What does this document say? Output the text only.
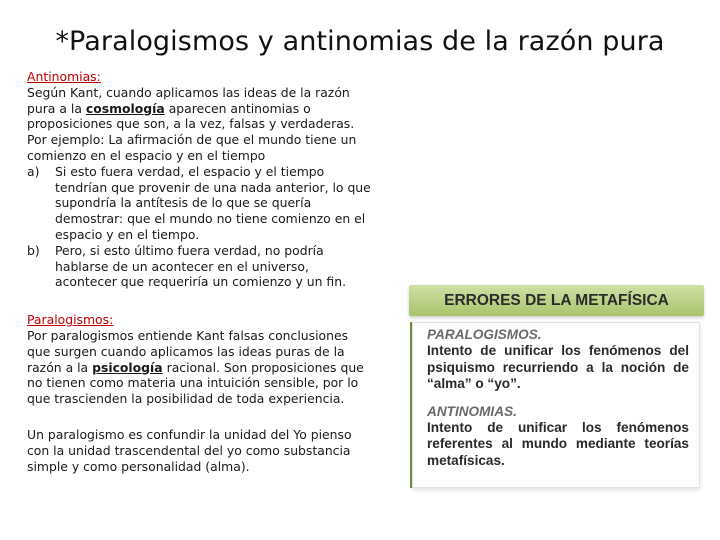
*Paralogismos y antinomias de la razón pura

Antinomias:

Según Kant, cuando aplicamos las ideas de la razón pura a la cosmología aparecen antinomias o proposiciones que son, a la vez, falsas y verdaderas.

Por ejemplo: La afirmación de que el mundo tiene un comienzo en el espacio y en el tiempo

a) Si esto fuera verdad, el espacio y el tiempo tendrían que provenir de una nada anterior, lo que supondría la antítesis de lo que se quería demostrar: que el mundo no tiene comienzo en el espacio y en el tiempo.

b) Pero, si esto último fuera verdad, no podría hablarse de un acontecer en el universo, acontecer que requeriría un comienzo y un fin.

Paralogismos:

Por paralogismos entiende Kant falsas conclusiones que surgen cuando aplicamos las ideas puras de la razón a la psicología racional. Son proposiciones que no tienen como materia una intuición sensible, por lo que trascienden la posibilidad de toda experiencia.

Un paralogismo es confundir la unidad del Yo pienso con la unidad trascendental del yo como substancia simple y como personalidad (alma).

ERRORES DE LA METAFÍSICA
PARALOGISMOS.
Intento de unificar los fenómenos del psiquismo recurriendo a la noción de “alma” o “yo”.
ANTINOMIAS.
Intento de unificar los fenómenos referentes al mundo mediante teorías metafísicas.
